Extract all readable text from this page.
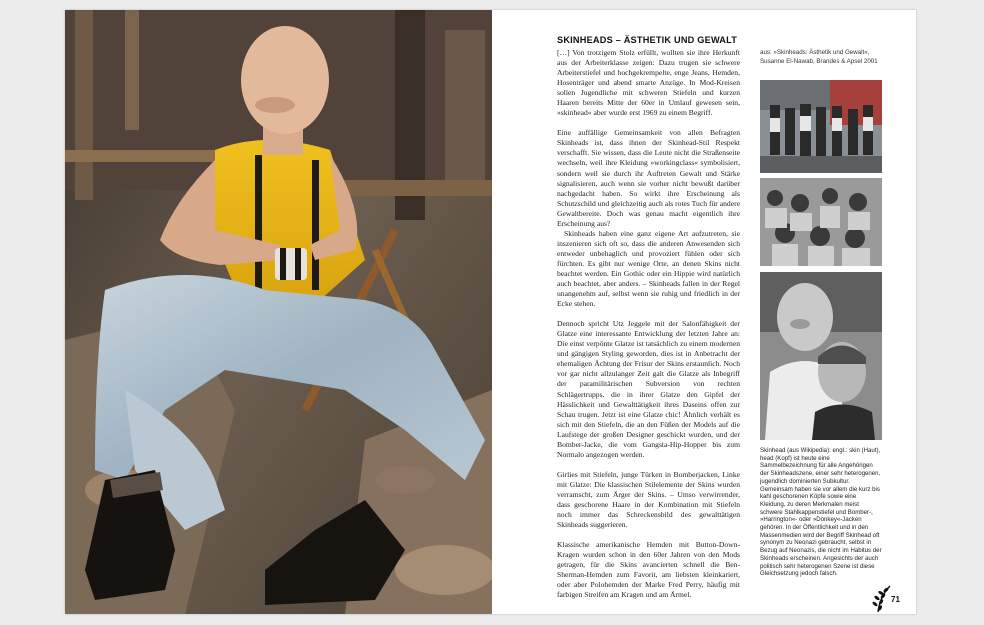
SKINHEADS – ÄSTHETIK UND GEWALT

[…] Von trotzigem Stolz erfüllt, wollten sie ihre Herkunft aus der Arbeiterklasse zeigen: Dazu trugen sie schwere Arbeiterstiefel und hochgekrempelte, enge Jeans, Hemden, Hosenträger und abend smarte Anzüge. In Mod-Kreisen sollen Jugendliche mit schweren Stiefeln und kurzen Haaren bereits Mitte der 60er in Umlauf gewesen sein, »skinhead« aber wurde erst 1969 zu einem Begriff.

Eine auffällige Gemeinsamkeit von allen Befragten Skinheads ist, dass ihnen der Skinhead-Stil Respekt verschafft. Sie wissen, dass die Leute nicht die Straßenseite wechseln, weil ihre Kleidung »workingclass« symbolisiert, sondern weil sie durch ihr Auftreten Gewalt und Stärke signalisieren, auch wenn sie vorher nicht bewußt darüber nachgedacht haben. So wirkt ihre Erscheinung als Schutzschild und gleichzeitig auch als rotes Tuch für andere Gewaltbereite. Doch was genau macht eigentlich ihre Erscheinung aus?

Skinheads haben eine ganz eigene Art aufzutreten, sie inszenieren sich oft so, dass die anderen Anwesenden sich entweder unbehaglich und provoziert fühlen oder sich fürchten. Es gibt nur wenige Orte, an denen Skins nicht beachtet werden. Ein Gothic oder ein Hippie wird natürlich auch beachtet, aber anders. – Skinheads fallen in der Regel unangenehm auf, selbst wenn sie ruhig und friedlich in der Ecke stehen.

Dennoch spricht Utz Jeggele mit der Salonfähigkeit der Glatze eine interessante Entwicklung der letzten Jahre an: Die einst verpönte Glatze ist tatsächlich zu einem modernen und gängigen Styling geworden, dies ist in Anbetracht der ehemaligen Ächtung der Frisur der Skins erstaunlich. Noch vor gar nicht allzulanger Zeit galt die Glatze als Inbegriff der paramilitärischen Subversion von rechten Schlägertrupps, die in ihrer Glatze den Gipfel der Hässlichkeit und Gewalttätigkeit ihres Daseins offen zur Schau trugen. Jetzt ist eine Glatze chic! Ähnlich verhält es sich mit den Stiefeln, die an den Füßen der Models auf die Laufstege der großen Designer geschickt wurden, und der Bomber-Jacke, die vom Gangsta-Hip-Hopper bis zum Normalo angezogen werden.

Girlies mit Stiefeln, junge Türken in Bomberjacken, Linke mit Glatze: Die klassischen Stilelemente der Skins wurden verramscht, zum Ärger der Skins. – Umso verwirrender, dass geschorene Haare in der Kombination mit Stiefeln noch immer das Schreckensbild des gewalttätigen Skinheads suggerieren.

Klassische amerikanische Hemden mit Button-Down-Kragen wurden schon in den 60er Jahren von den Mods getragen, für die Skins avancierten schnell die Ben-Sherman-Hemden zum Favorit, am liebsten kleinkariert, oder aber Polohemden der Marke Fred Perry, häufig mit farbigen Streifen am Kragen und am Ärmel.

aus: »Skinheads: Ästhetik und Gewalt«, Susanne El-Nawab, Brandes & Apsel 2001
Skinhead (aus Wikipedia): engl.: skin (Haut), head (Kopf) ist heute eine Sammelbezeichnung für alle Angehörigen der Skinheadszene, einer sehr heterogenen, jugendlich dominierten Subkultur. Gemeinsam haben sie vor allem die kurz bis kahl geschorenen Köpfe sowie eine Kleidung, zu deren Merkmalen meist schwere Stahlkappenstiefel und Bomber-, »Harrington«- oder »Donkey«-Jacken gehören. In der Öffentlichkeit und in den Massenmedien wird der Begriff Skinhead oft synonym zu Neonazi gebraucht, selbst in Bezug auf Neonazis, die nicht im Habitus der Skinheads erscheinen. Angesichts der auch politisch sehr heterogenen Szene ist diese Gleichsetzung jedoch falsch.
71
